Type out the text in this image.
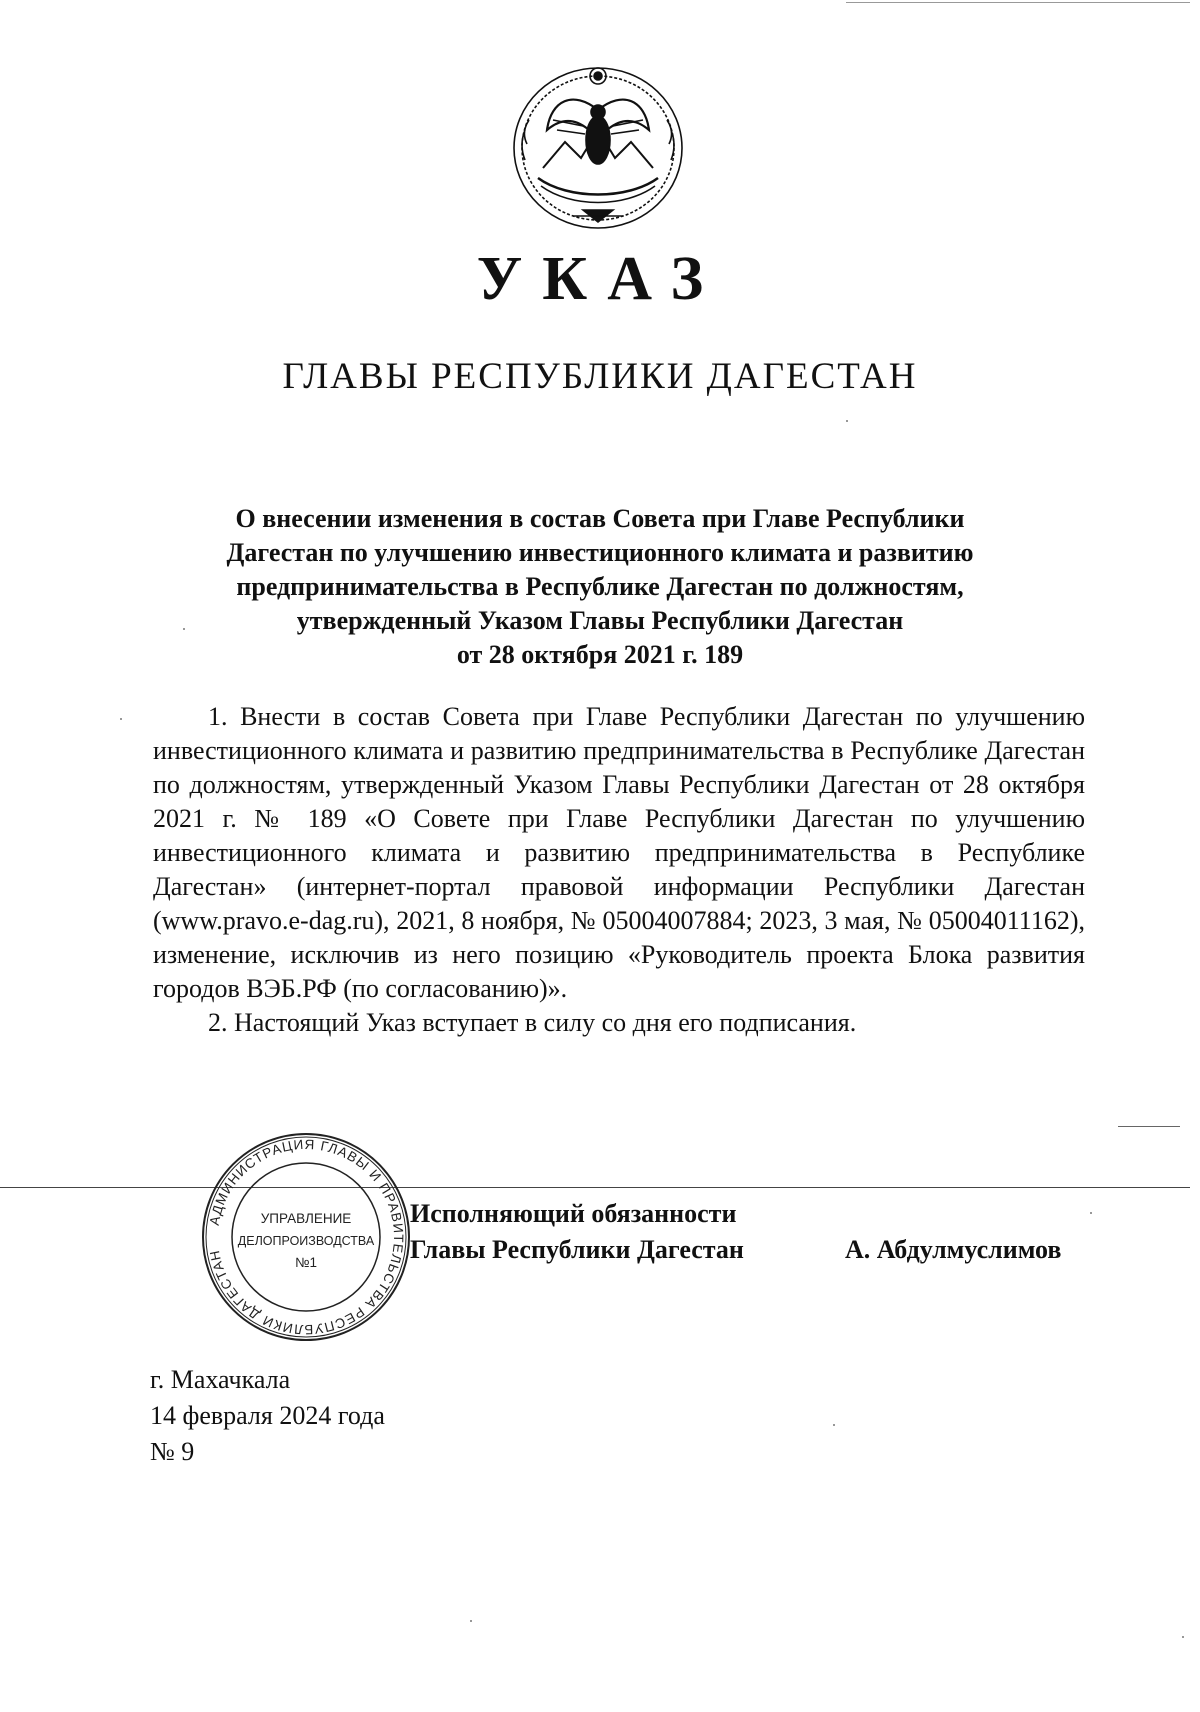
УКАЗ
ГЛАВЫ РЕСПУБЛИКИ ДАГЕСТАН
О внесении изменения в состав Совета при Главе Республики
Дагестан по улучшению инвестиционного климата и развитию
предпринимательства в Республике Дагестан по должностям,
утвержденный Указом Главы Республики Дагестан
от 28 октября 2021 г. 189

1. Внести в состав Совета при Главе Республики Дагестан по улучшению инвестиционного климата и развитию предпринимательства в Республике Дагестан по должностям, утвержденный Указом Главы Республики Дагестан от 28 октября 2021 г. № 189 «О Совете при Главе Республики Дагестан по улучшению инвестиционного климата и развитию предпринимательства в Республике Дагестан» (интернет-портал правовой информации Республики Дагестан (www.pravo.e-dag.ru), 2021, 8 ноября, № 05004007884; 2023, 3 мая, № 05004011162), изменение, исключив из него позицию «Руководитель проекта Блока развития городов ВЭБ.РФ (по согласованию)».

2. Настоящий Указ вступает в силу со дня его подписания.

АДМИНИСТРАЦИЯ ГЛАВЫ И ПРАВИТЕЛЬСТВА РЕСПУБЛИКИ ДАГЕСТАН
УПРАВЛЕНИЕ
ДЕЛОПРОИЗВОДСТВА
№1
Исполняющий обязанности
Главы Республики Дагестан	А. Абдулмуслимов
г. Махачкала
14 февраля 2024 года
№ 9
